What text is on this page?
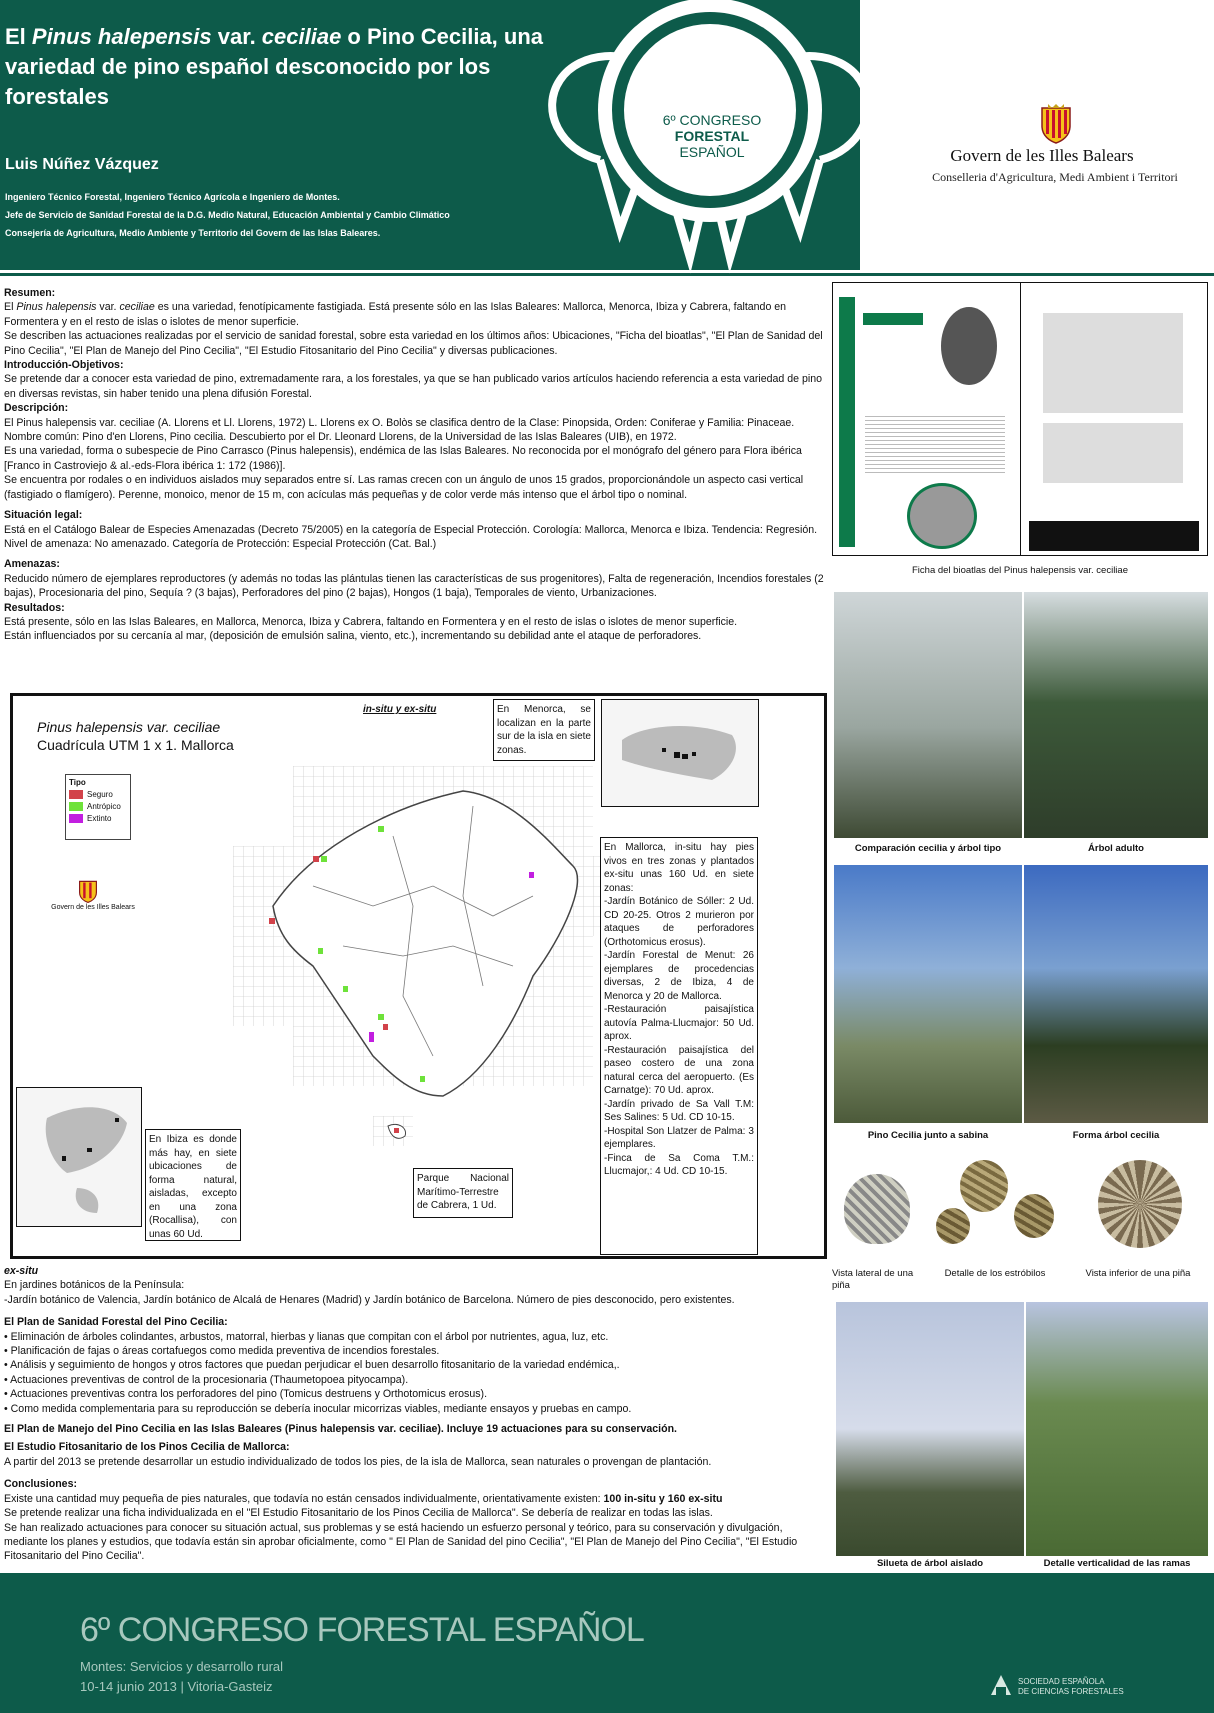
El Pinus halepensis var. ceciliae o Pino Cecilia, una variedad de pino español desconocido por los forestales
Luis Núñez Vázquez
Ingeniero Técnico Forestal, Ingeniero Técnico Agrícola e Ingeniero de Montes.
Jefe de Servicio de Sanidad Forestal de la D.G. Medio Natural, Educación Ambiental y Cambio Climático
Consejería de Agricultura, Medio Ambiente y Territorio del Govern de las Islas Baleares.
6º CONGRESO FORESTAL
ESPAÑOL	Govern de les Illes Balears
Conselleria d'Agricultura, Medi Ambient i Territori
Resumen:

El Pinus halepensis var. ceciliae es una variedad, fenotípicamente fastigiada. Está presente sólo en las Islas Baleares: Mallorca, Menorca, Ibiza y Cabrera, faltando en Formentera y en el resto de islas o islotes de menor superficie.

Se describen las actuaciones realizadas por el servicio de sanidad forestal, sobre esta variedad en los últimos años: Ubicaciones, "Ficha del bioatlas", "El Plan de Sanidad del Pino Cecilia", "El Plan de Manejo del Pino Cecilia", "El Estudio Fitosanitario del Pino Cecilia" y diversas publicaciones.

Introducción-Objetivos:

Se pretende dar a conocer esta variedad de pino, extremadamente rara, a los forestales, ya que se han publicado varios artículos haciendo referencia a esta variedad de pino en diversas revistas, sin haber tenido una plena difusión Forestal.

Descripción:

El Pinus halepensis var. ceciliae (A. Llorens et Ll. Llorens, 1972) L. Llorens ex O. Bolòs se clasifica dentro de la Clase: Pinopsida, Orden: Coniferae y Familia: Pinaceae. Nombre común: Pino d'en Llorens, Pino cecilia. Descubierto por el Dr. Lleonard Llorens, de la Universidad de las Islas Baleares (UIB), en 1972.

Es una variedad, forma o subespecie de Pino Carrasco (Pinus halepensis), endémica de las Islas Baleares. No reconocida por el monógrafo del género para Flora ibérica [Franco in Castroviejo & al.-eds-Flora ibérica 1: 172 (1986)].

Se encuentra por rodales o en individuos aislados muy separados entre sí. Las ramas crecen con un ángulo de unos 15 grados, proporcionándole un aspecto casi vertical (fastigiado o flamígero). Perenne, monoico, menor de 15 m, con acículas más pequeñas y de color verde más intenso que el árbol tipo o nominal.

Situación legal:

Está en el Catálogo Balear de Especies Amenazadas (Decreto 75/2005) en la categoría de Especial Protección. Corología: Mallorca, Menorca e Ibiza. Tendencia: Regresión. Nivel de amenaza: No amenazado. Categoría de Protección: Especial Protección (Cat. Bal.)

Amenazas:

Reducido número de ejemplares reproductores (y además no todas las plántulas tienen las características de sus progenitores), Falta de regeneración, Incendios forestales (2 bajas), Procesionaria del pino, Sequía ? (3 bajas), Perforadores del pino (2 bajas), Hongos (1 baja), Temporales de viento, Urbanizaciones.

Resultados:

Está presente, sólo en las Islas Baleares, en Mallorca, Menorca, Ibiza y Cabrera, faltando en Formentera y en el resto de islas o islotes de menor superficie.

Están influenciados por su cercanía al mar, (deposición de emulsión salina, viento, etc.), incrementando su debilidad ante el ataque de perforadores.

Pinus halepensis var. ceciliae
Cuadrícula UTM 1 x 1. Mallorca
in-situ y ex-situ
Tipo
Seguro
Antrópico
Extinto
Govern de les Illes Balears
En Menorca, se localizan en la parte sur de la isla en siete zonas.

En Mallorca, in-situ hay pies vivos en tres zonas y plantados ex-situ unas 160 Ud. en siete zonas:

-Jardín Botánico de Sóller: 2 Ud. CD 20-25. Otros 2 murieron por ataques de perforadores (Orthotomicus erosus).

-Jardín Forestal de Menut: 26 ejemplares de procedencias diversas, 2 de Ibiza, 4 de Menorca y 20 de Mallorca.

-Restauración paisajística autovía Palma-Llucmajor: 50 Ud. aprox.

-Restauración paisajística del paseo costero de una zona natural cerca del aeropuerto. (Es Carnatge): 70 Ud. aprox.

-Jardín privado de Sa Vall T.M: Ses Salines: 5 Ud. CD 10-15.

-Hospital Son Llatzer de Palma: 3 ejemplares.

-Finca de Sa Coma T.M.: Llucmajor,: 4 Ud. CD 10-15.

En Ibiza es donde más hay, en siete ubicaciones de forma natural, aisladas, excepto en una zona (Rocallisa), con unas 60 Ud.
Parque Nacional Marítimo-Terrestre de Cabrera, 1 Ud.
ex-situ

En jardines botánicos de la Península:

-Jardín botánico de Valencia, Jardín botánico de Alcalá de Henares (Madrid) y Jardín botánico de Barcelona. Número de pies desconocido, pero existentes.

El Plan de Sanidad Forestal del Pino Cecilia:
• Eliminación de árboles colindantes, arbustos, matorral, hierbas y lianas que compitan con el árbol por nutrientes, agua, luz, etc.
• Planificación de fajas o áreas cortafuegos como medida preventiva de incendios forestales.
• Análisis y seguimiento de hongos y otros factores que puedan perjudicar el buen desarrollo fitosanitario de la variedad endémica,.
• Actuaciones preventivas de control de la procesionaria (Thaumetopoea pityocampa).
• Actuaciones preventivas contra los perforadores del pino (Tomicus destruens y Orthotomicus erosus).
• Como medida complementaria para su reproducción se debería inocular micorrizas viables, mediante ensayos y pruebas en campo.
El Plan de Manejo del Pino Cecilia en las Islas Baleares (Pinus halepensis var. ceciliae). Incluye 19 actuaciones para su conservación.
El Estudio Fitosanitario de los Pinos Cecilia de Mallorca:

A partir del 2013 se pretende desarrollar un estudio individualizado de todos los pies, de la isla de Mallorca, sean naturales o provengan de plantación.

Conclusiones:

Existe una cantidad muy pequeña de pies naturales, que todavía no están censados individualmente, orientativamente existen: 100 in-situ y 160 ex-situ

Se pretende realizar una ficha individualizada en el "El Estudio Fitosanitario de los Pinos Cecilia de Mallorca". Se debería de realizar en todas las islas.

Se han realizado actuaciones para conocer su situación actual, sus problemas y se está haciendo un esfuerzo personal y teórico, para su conservación y divulgación, mediante los planes y estudios, que todavía están sin aprobar oficialmente, como " El Plan de Sanidad del pino Cecilia", "El Plan de Manejo del Pino Cecilia", "El Estudio Fitosanitario del Pino Cecilia".

Ficha del bioatlas del Pinus halepensis var. ceciliae
Comparación cecilia y árbol tipo	Árbol adulto
Pino Cecilia junto a sabina	Forma árbol cecilia
Vista lateral de una piña
Detalle de los estróbilos	Vista inferior de una piña
Silueta de árbol aislado	Detalle verticalidad de las ramas
6º CONGRESO FORESTAL ESPAÑOL
Montes: Servicios y desarrollo rural
10-14 junio 2013 | Vitoria-Gasteiz	SOCIEDAD ESPAÑOLA
DE CIENCIAS FORESTALES
